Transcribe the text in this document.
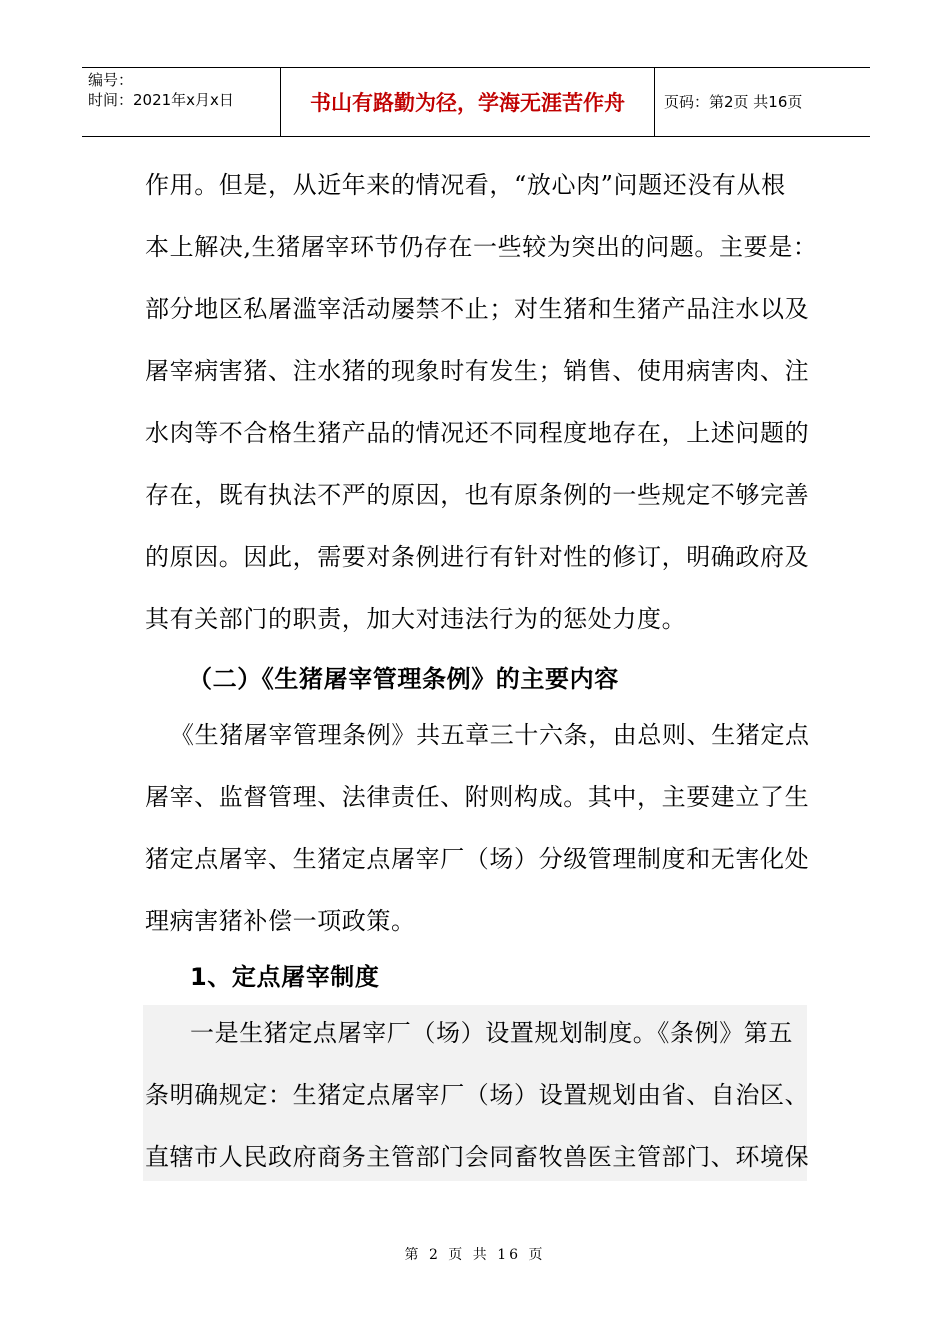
编号：
时间：2021年x月x日	书山有路勤为径，学海无涯苦作舟	页码：第2页 共16页
作用。但是，从近年来的情况看，“放心肉”问题还没有从根
本上解决,生猪屠宰环节仍存在一些较为突出的问题。主要是：
部分地区私屠滥宰活动屡禁不止；对生猪和生猪产品注水以及
屠宰病害猪、注水猪的现象时有发生；销售、使用病害肉、注
水肉等不合格生猪产品的情况还不同程度地存在，上述问题的
存在，既有执法不严的原因，也有原条例的一些规定不够完善
的原因。因此，需要对条例进行有针对性的修订，明确政府及
其有关部门的职责，加大对违法行为的惩处力度。
（二）《生猪屠宰管理条例》的主要内容
《生猪屠宰管理条例》共五章三十六条，由总则、生猪定点
屠宰、监督管理、法律责任、附则构成。其中，主要建立了生
猪定点屠宰、生猪定点屠宰厂（场）分级管理制度和无害化处
理病害猪补偿一项政策。
1、定点屠宰制度
一是生猪定点屠宰厂（场）设置规划制度。《条例》第五
条明确规定：生猪定点屠宰厂（场）设置规划由省、自治区、
直辖市人民政府商务主管部门会同畜牧兽医主管部门、环境保
第 2 页 共 16 页
